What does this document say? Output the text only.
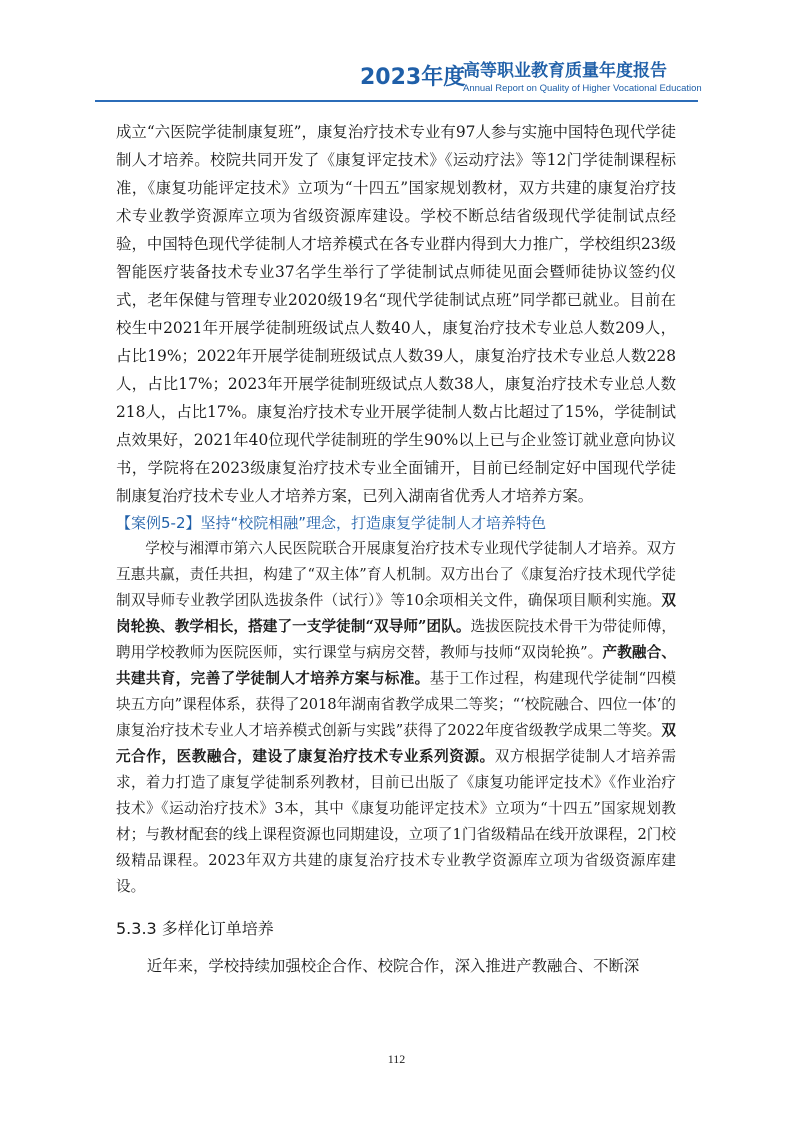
2023年度
高等职业教育质量年度报告
Annual Report on Quality of Higher Vocational Education

成立“六医院学徒制康复班”，康复治疗技术专业有97人参与实施中国特色现代学徒制人才培养。校院共同开发了《康复评定技术》《运动疗法》等12门学徒制课程标准，《康复功能评定技术》立项为“十四五”国家规划教材，双方共建的康复治疗技术专业教学资源库立项为省级资源库建设。学校不断总结省级现代学徒制试点经验，中国特色现代学徒制人才培养模式在各专业群内得到大力推广，学校组织23级智能医疗装备技术专业37名学生举行了学徒制试点师徒见面会暨师徒协议签约仪式，老年保健与管理专业2020级19名“现代学徒制试点班”同学都已就业。目前在校生中2021年开展学徒制班级试点人数40人，康复治疗技术专业总人数209人，占比19%；2022年开展学徒制班级试点人数39人，康复治疗技术专业总人数228人，占比17%；2023年开展学徒制班级试点人数38人，康复治疗技术专业总人数218人，占比17%。康复治疗技术专业开展学徒制人数占比超过了15%，学徒制试点效果好，2021年40位现代学徒制班的学生90%以上已与企业签订就业意向协议书，学院将在2023级康复治疗技术专业全面铺开，目前已经制定好中国现代学徒制康复治疗技术专业人才培养方案，已列入湖南省优秀人才培养方案。

【案例5-2】坚持“校院相融”理念，打造康复学徒制人才培养特色

学校与湘潭市第六人民医院联合开展康复治疗技术专业现代学徒制人才培养。双方互惠共赢，责任共担，构建了“双主体”育人机制。双方出台了《康复治疗技术现代学徒制双导师专业教学团队选拔条件（试行）》等10余项相关文件，确保项目顺利实施。双岗轮换、教学相长，搭建了一支学徒制“双导师”团队。选拔医院技术骨干为带徒师傅，聘用学校教师为医院医师，实行课堂与病房交替，教师与技师“双岗轮换”。产教融合、共建共育，完善了学徒制人才培养方案与标准。基于工作过程，构建现代学徒制“四模块五方向”课程体系，获得了2018年湖南省教学成果二等奖；“‘校院融合、四位一体’的康复治疗技术专业人才培养模式创新与实践”获得了2022年度省级教学成果二等奖。双元合作，医教融合，建设了康复治疗技术专业系列资源。双方根据学徒制人才培养需求，着力打造了康复学徒制系列教材，目前已出版了《康复功能评定技术》《作业治疗技术》《运动治疗技术》3本，其中《康复功能评定技术》立项为“十四五”国家规划教材；与教材配套的线上课程资源也同期建设，立项了1门省级精品在线开放课程，2门校级精品课程。2023年双方共建的康复治疗技术专业教学资源库立项为省级资源库建设。

5.3.3 多样化订单培养

近年来，学校持续加强校企合作、校院合作，深入推进产教融合、不断深

112
